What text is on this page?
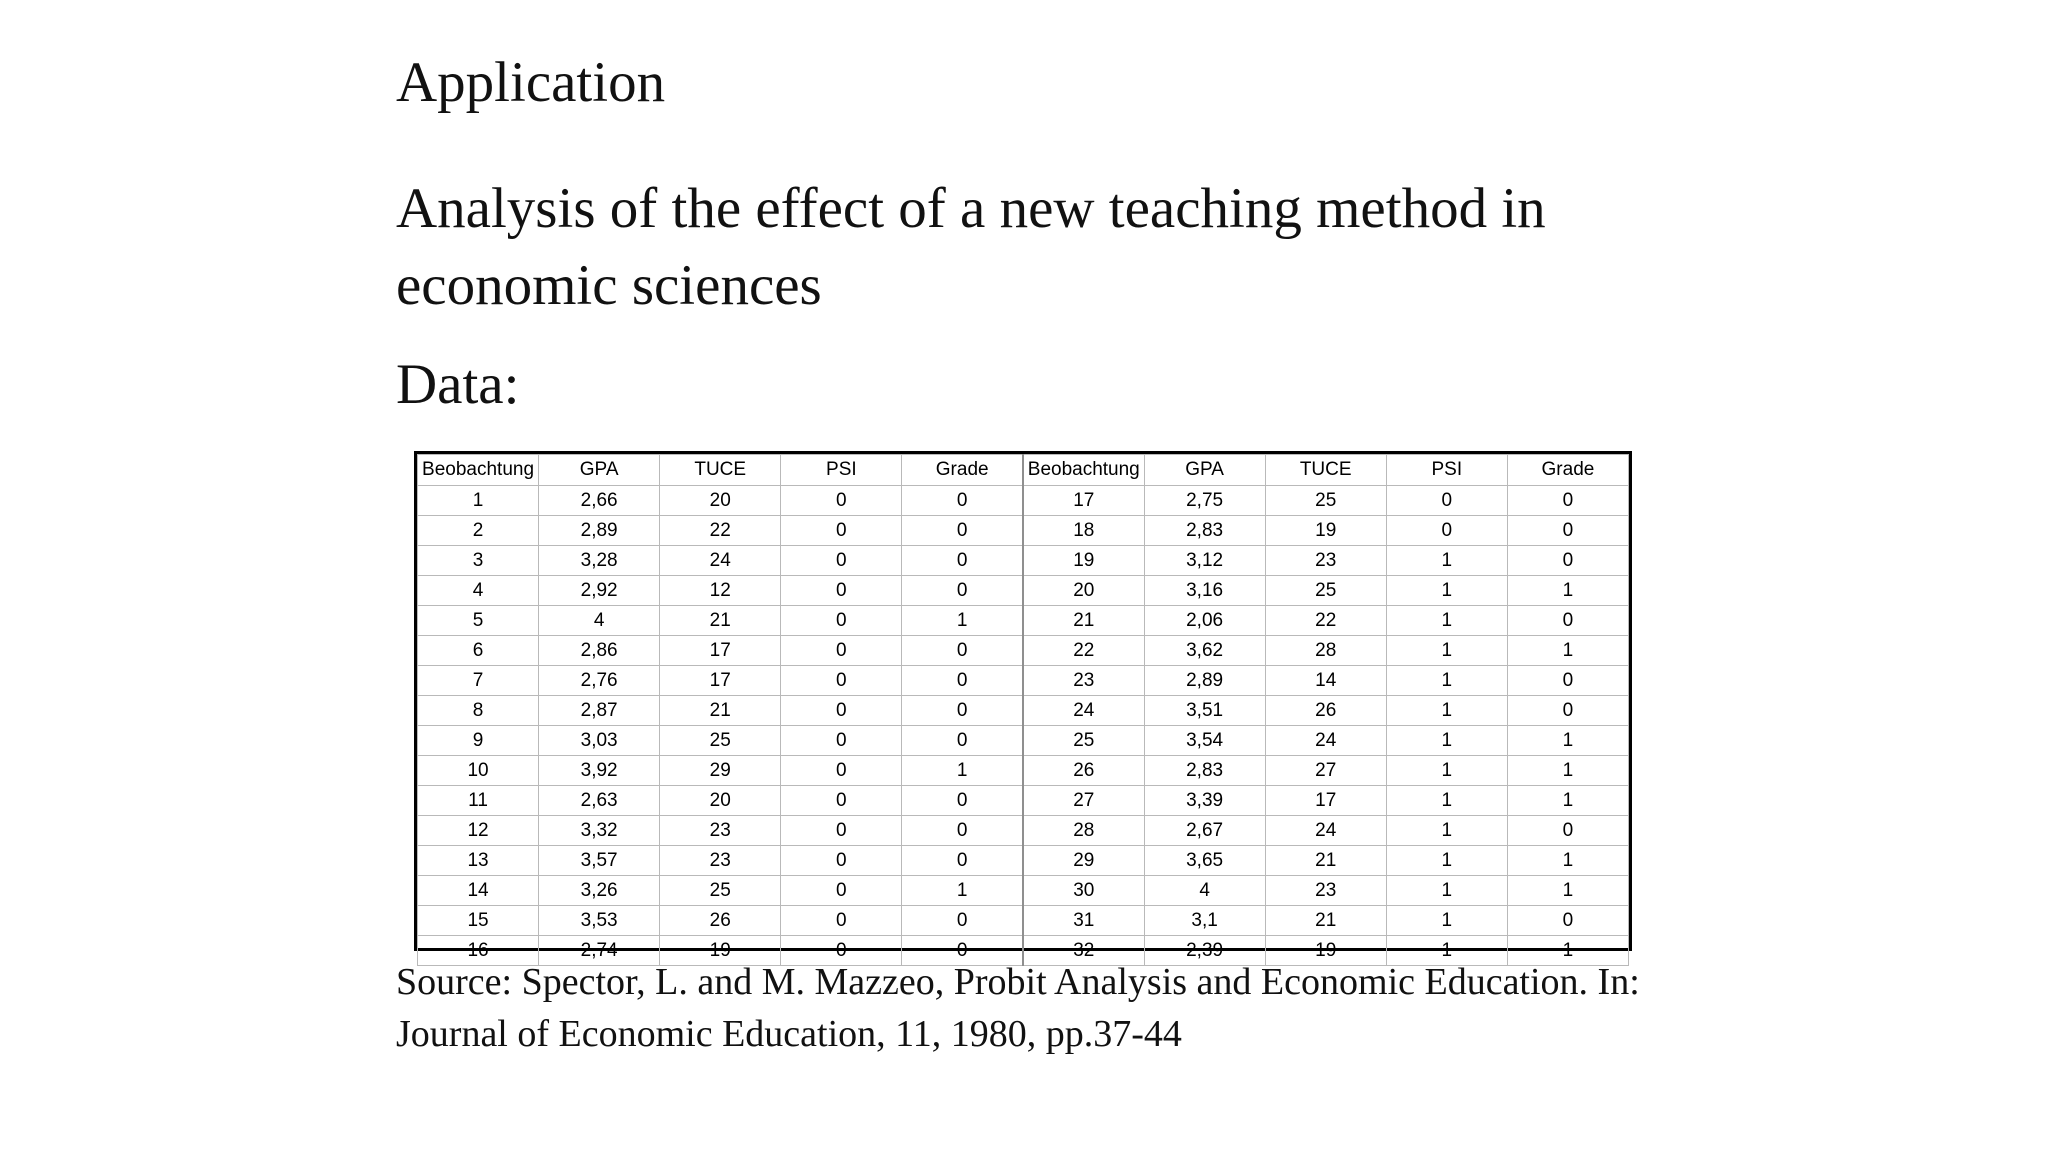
Application
Analysis of the effect of a new teaching method in
economic sciences
Data:
Beobachtung	GPA	TUCE	PSI	Grade	Beobachtung	GPA	TUCE	PSI	Grade
1	2,66	20	0	0	17	2,75	25	0	0
2	2,89	22	0	0	18	2,83	19	0	0
3	3,28	24	0	0	19	3,12	23	1	0
4	2,92	12	0	0	20	3,16	25	1	1
5	4	21	0	1	21	2,06	22	1	0
6	2,86	17	0	0	22	3,62	28	1	1
7	2,76	17	0	0	23	2,89	14	1	0
8	2,87	21	0	0	24	3,51	26	1	0
9	3,03	25	0	0	25	3,54	24	1	1
10	3,92	29	0	1	26	2,83	27	1	1
11	2,63	20	0	0	27	3,39	17	1	1
12	3,32	23	0	0	28	2,67	24	1	0
13	3,57	23	0	0	29	3,65	21	1	1
14	3,26	25	0	1	30	4	23	1	1
15	3,53	26	0	0	31	3,1	21	1	0
16	2,74	19	0	0	32	2,39	19	1	1

Source: Spector, L. and M. Mazzeo, Probit Analysis and Economic Education. In:
Journal of Economic Education, 11, 1980, pp.37-44
